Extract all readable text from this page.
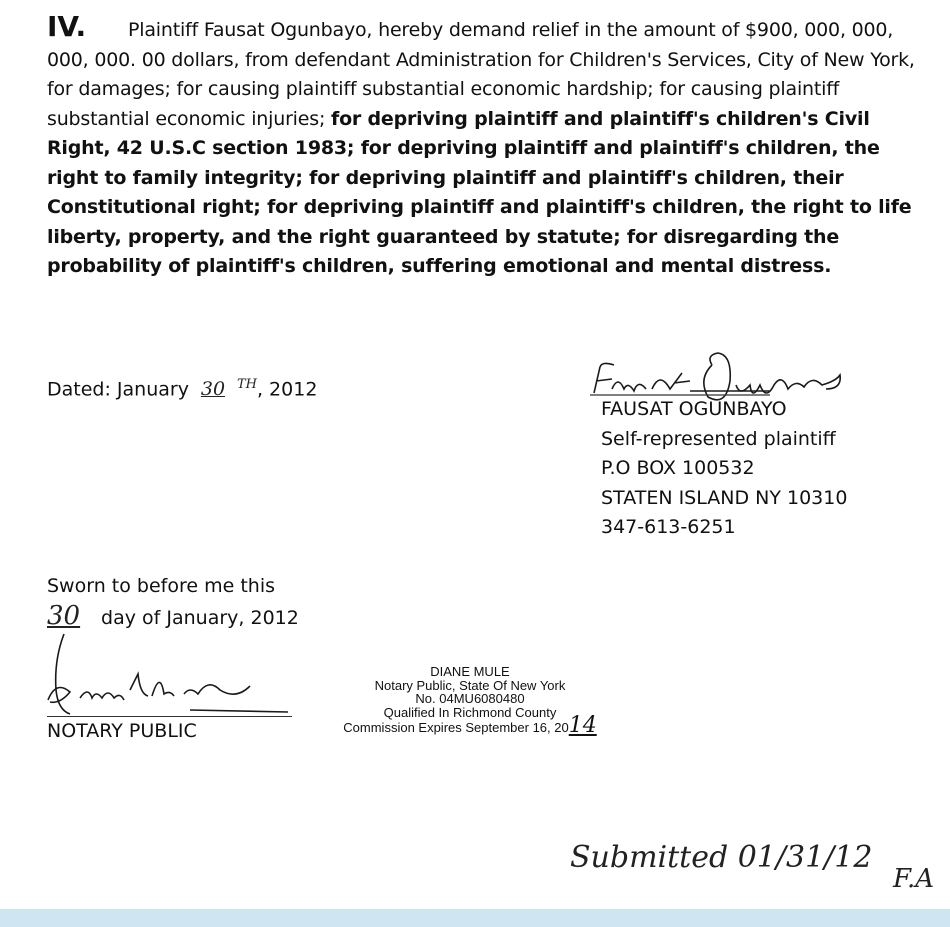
IV.	Plaintiff Fausat Ogunbayo, hereby demand relief in the amount of $900, 000, 000, 000, 000. 00 dollars, from defendant Administration for Children's Services, City of New York, for damages; for causing plaintiff substantial economic hardship; for causing plaintiff substantial economic injuries; for depriving plaintiff and plaintiff's children's Civil Right, 42 U.S.C section 1983; for depriving plaintiff and plaintiff's children, the right to family integrity; for depriving plaintiff and plaintiff's children, their Constitutional right; for depriving plaintiff and plaintiff's children, the right to life liberty, property, and the right guaranteed by statute; for disregarding the probability of plaintiff's children, suffering emotional and mental distress.
Dated: January 30 $^{TH}$, 2012
FAUSAT OGUNBAYO
Self-represented plaintiff
P.O BOX 100532
STATEN ISLAND NY 10310
347-613-6251
Sworn to before me this
30 day of January, 2012
NOTARY PUBLIC
DIANE MULE
Notary Public, State Of New York
No. 04MU6080480
Qualified In Richmond County
Commission Expires September 16, 2014
Submitted 01/31/12
F.A
